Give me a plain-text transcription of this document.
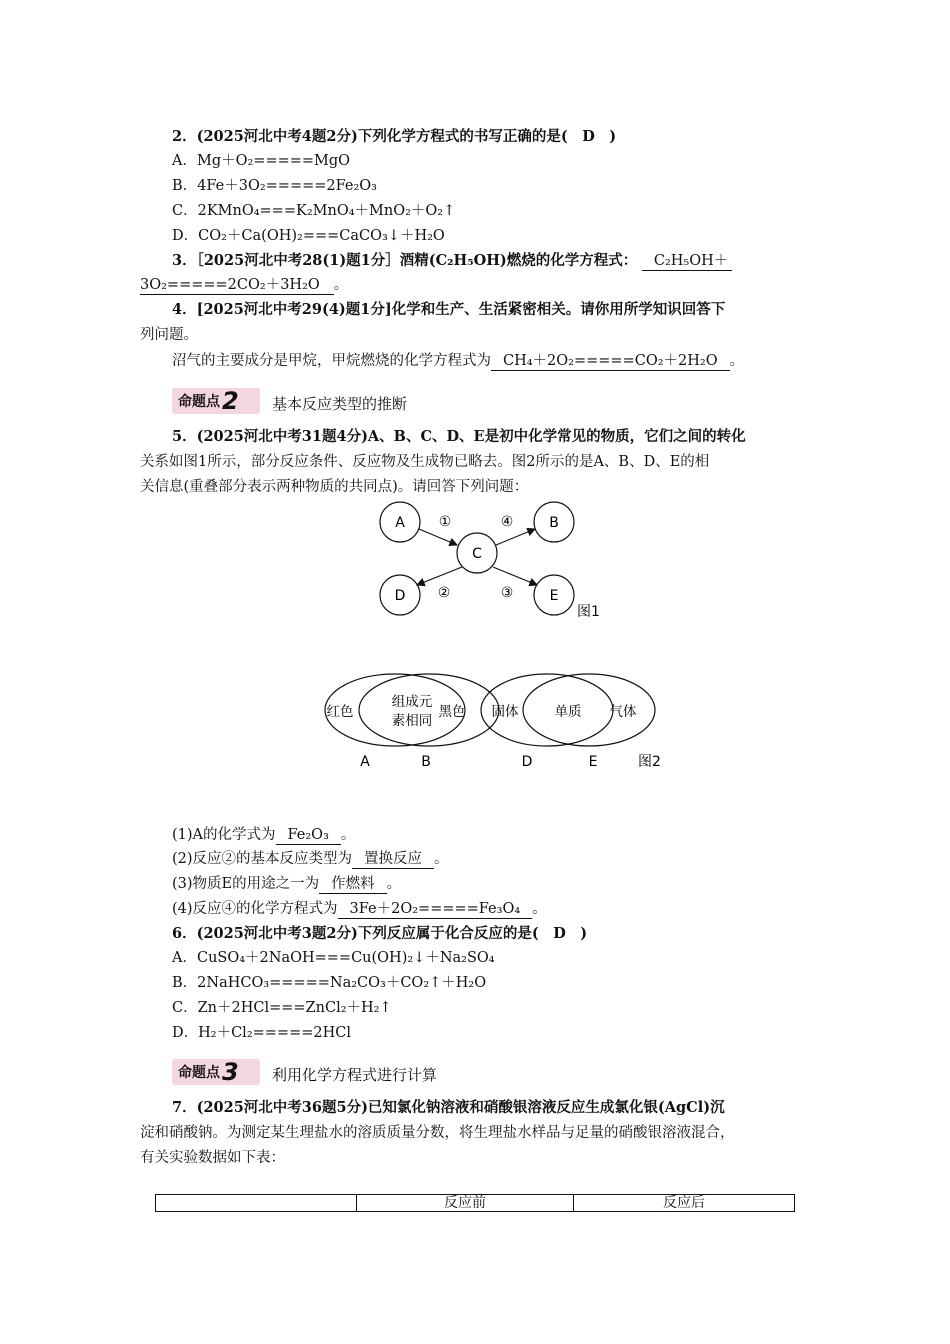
2．(2025河北中考4题2分)下列化学方程式的书写正确的是(　D　)
A．Mg＋O₂=====MgO
B．4Fe＋3O₂=====2Fe₂O₃
C．2KMnO₄===K₂MnO₄＋MnO₂＋O₂↑
D．CO₂＋Ca(OH)₂===CaCO₃↓＋H₂O
3．［2025河北中考28(1)题1分］酒精(C₂H₅OH)燃烧的化学方程式： C₂H₅OH＋
3O₂=====2CO₂＋3H₂O 。
4．[2025河北中考29(4)题1分]化学和生产、生活紧密相关。请你用所学知识回答下
列问题。
沼气的主要成分是甲烷，甲烷燃烧的化学方程式为 CH₄＋2O₂=====CO₂＋2H₂O 。
命题点2	基本反应类型的推断
5．(2025河北中考31题4分)A、B、C、D、E是初中化学常见的物质，它们之间的转化
关系如图1所示，部分反应条件、反应物及生成物已略去。图2所示的是A、B、D、E的相
关信息(重叠部分表示两种物质的共同点)。请回答下列问题：
A	B
C
D	E
①	④
②	③
图1
红色
组成元
素相同
黑色 固体	单质 气体
A	B	D	E	图2
(1)A的化学式为 Fe₂O₃ 。
(2)反应②的基本反应类型为 置换反应 。
(3)物质E的用途之一为 作燃料 。
(4)反应④的化学方程式为 3Fe＋2O₂=====Fe₃O₄ 。
6．(2025河北中考3题2分)下列反应属于化合反应的是(　D　)
A．CuSO₄＋2NaOH===Cu(OH)₂↓＋Na₂SO₄
B．2NaHCO₃=====Na₂CO₃＋CO₂↑＋H₂O
C．Zn＋2HCl===ZnCl₂＋H₂↑
D．H₂＋Cl₂=====2HCl
命题点3	利用化学方程式进行计算
7．(2025河北中考36题5分)已知氯化钠溶液和硝酸银溶液反应生成氯化银(AgCl)沉
淀和硝酸钠。为测定某生理盐水的溶质质量分数，将生理盐水样品与足量的硝酸银溶液混合，
有关实验数据如下表：
	反应前	反应后
